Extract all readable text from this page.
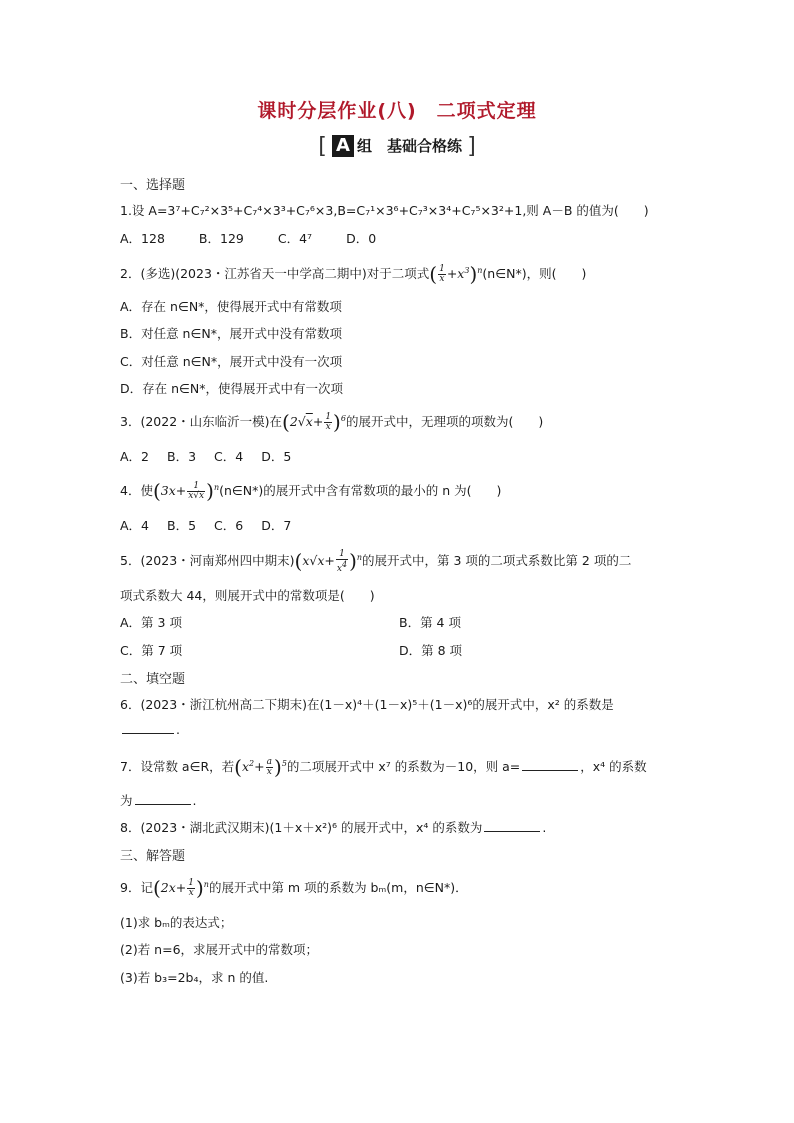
课时分层作业(八)　二项式定理
[ A 组　基础合格练 ]
一、选择题
1.设 A=3⁷+C₇²×3⁵+C₇⁴×3³+C₇⁶×3,B=C₇¹×3⁶+C₇³×3⁴+C₇⁵×3²+1,则 A－B 的值为(　　)
A．128	B．129	C．4⁷	D．0
2．(多选)(2023・江苏省天一中学高二期中)对于二项式( $\frac{1}{x}$ $+x^3)^n(n\in N*)$，则(　　)
A．存在 n∈N*，使得展开式中有常数项
B．对任意 n∈N*，展开式中没有常数项
C．对任意 n∈N*，展开式中没有一次项
D．存在 n∈N*，使得展开式中有一次项
3．(2022・山东临沂一模)在$(2√x+ \frac{1}{x} )^6$的展开式中，无理项的项数为(　　)
A．2 B．3 C．4 D．5
4．使($3x+ \frac{1}{x√x}$ )$^n(n\in N*)$的展开式中含有常数项的最小的 n 为(　　)
A．4 B．5 C．6 D．7
5．(2023・河南郑州四中期末)$(x√x+ \frac{1}{x^4} )^n$的展开式中，第 3 项的二项式系数比第 2 项的二
项式系数大 44，则展开式中的常数项是(　　)
A．第 3 项	B．第 4 项
C．第 7 项	D．第 8 项
二、填空题
6．(2023・浙江杭州高二下期末)在(1－x)⁴＋(1－x)⁵＋(1－x)⁶的展开式中，x² 的系数是
.
7．设常数 a∈R，若$(x^2+ \frac{a}{x} )^5$的二项展开式中 x⁷ 的系数为－10，则 a=	，x⁴ 的系数
为	.
8．(2023・湖北武汉期末)(1＋x＋x²)⁶ 的展开式中，x⁴ 的系数为	.
三、解答题
9．记$(2x+ \frac{1}{x} )^n$的展开式中第 m 项的系数为 bₘ(m，n∈N*)．
(1)求 bₘ的表达式；
(2)若 n=6，求展开式中的常数项；
(3)若 b₃=2b₄，求 n 的值.
